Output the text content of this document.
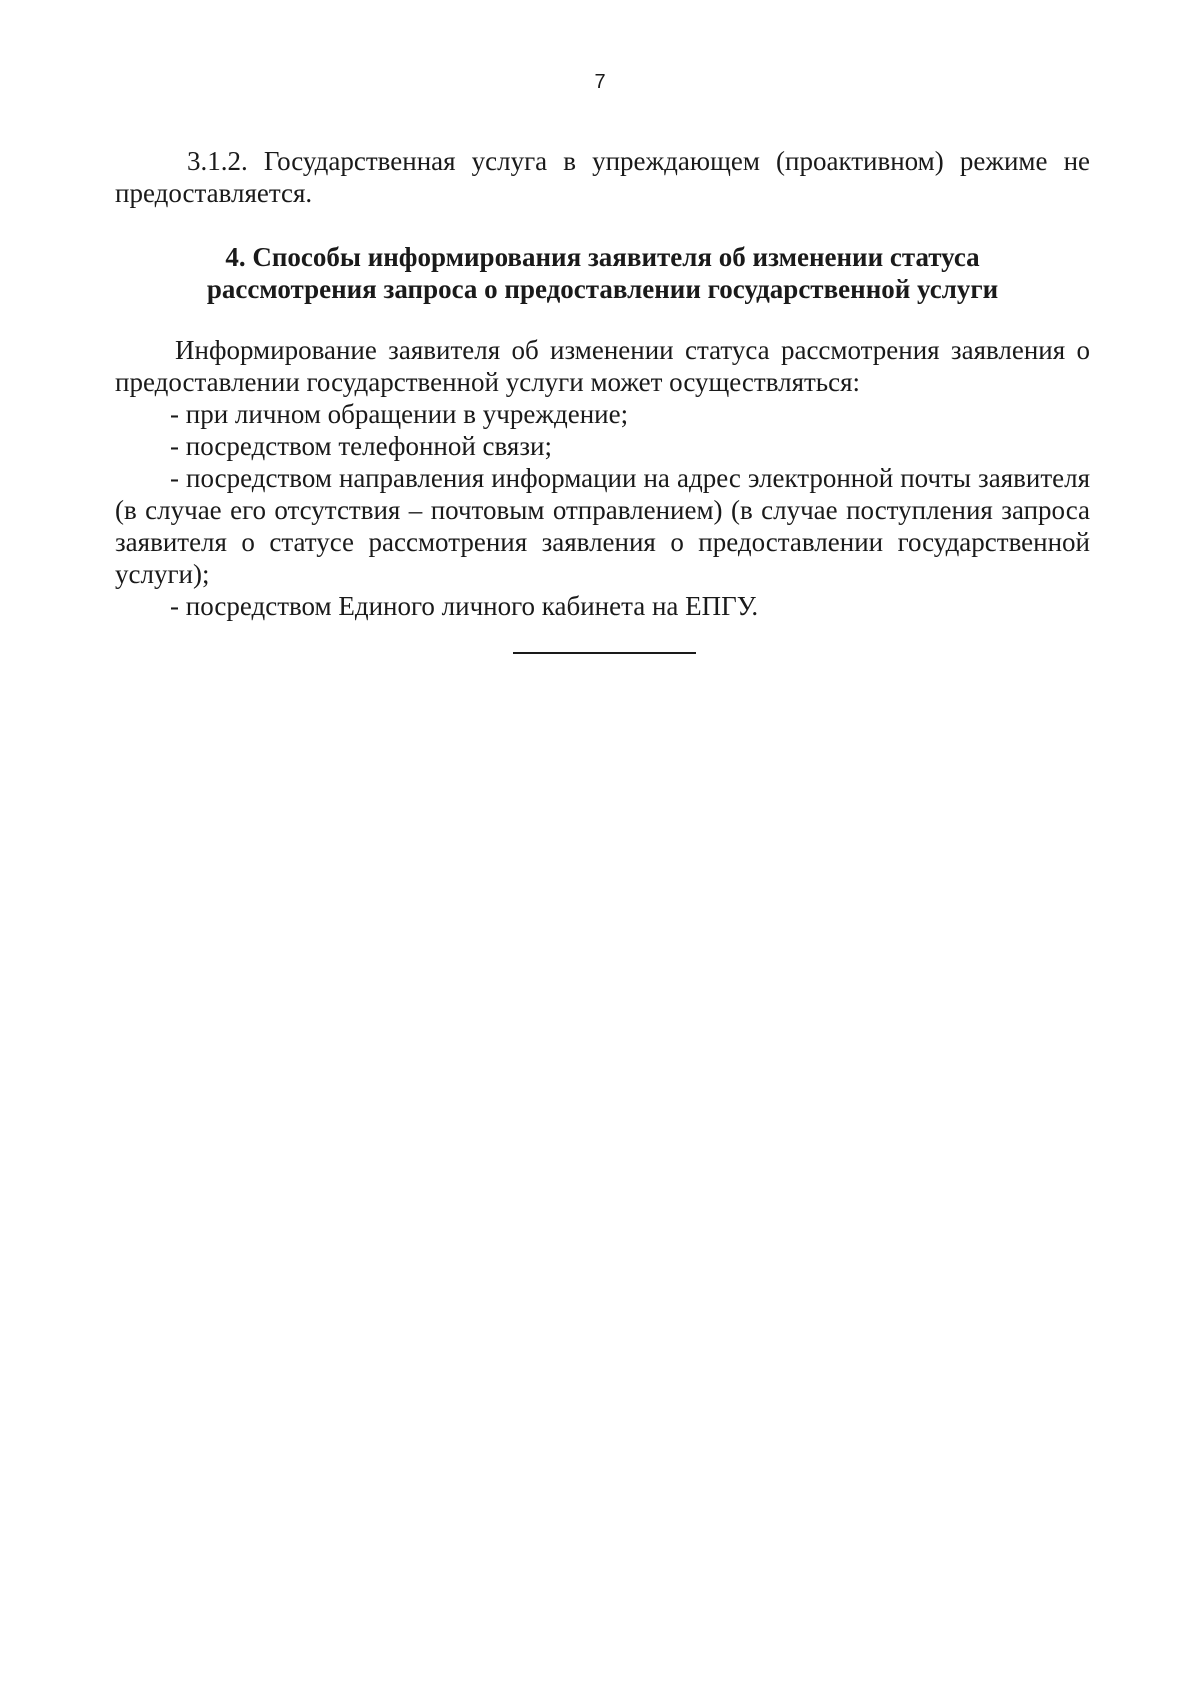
7

3.1.2. Государственная услуга в упреждающем (проактивном) режиме не предоставляется.

4. Способы информирования заявителя об изменении статуса
рассмотрения запроса о предоставлении государственной услуги

Информирование заявителя об изменении статуса рассмотрения заявления о предоставлении государственной услуги может осуществляться:

- при личном обращении в учреждение;

- посредством телефонной связи;

- посредством направления информации на адрес электронной почты заявителя (в случае его отсутствия – почтовым отправлением) (в случае поступления запроса заявителя о статусе рассмотрения заявления о предоставлении государственной услуги);

- посредством Единого личного кабинета на ЕПГУ.
